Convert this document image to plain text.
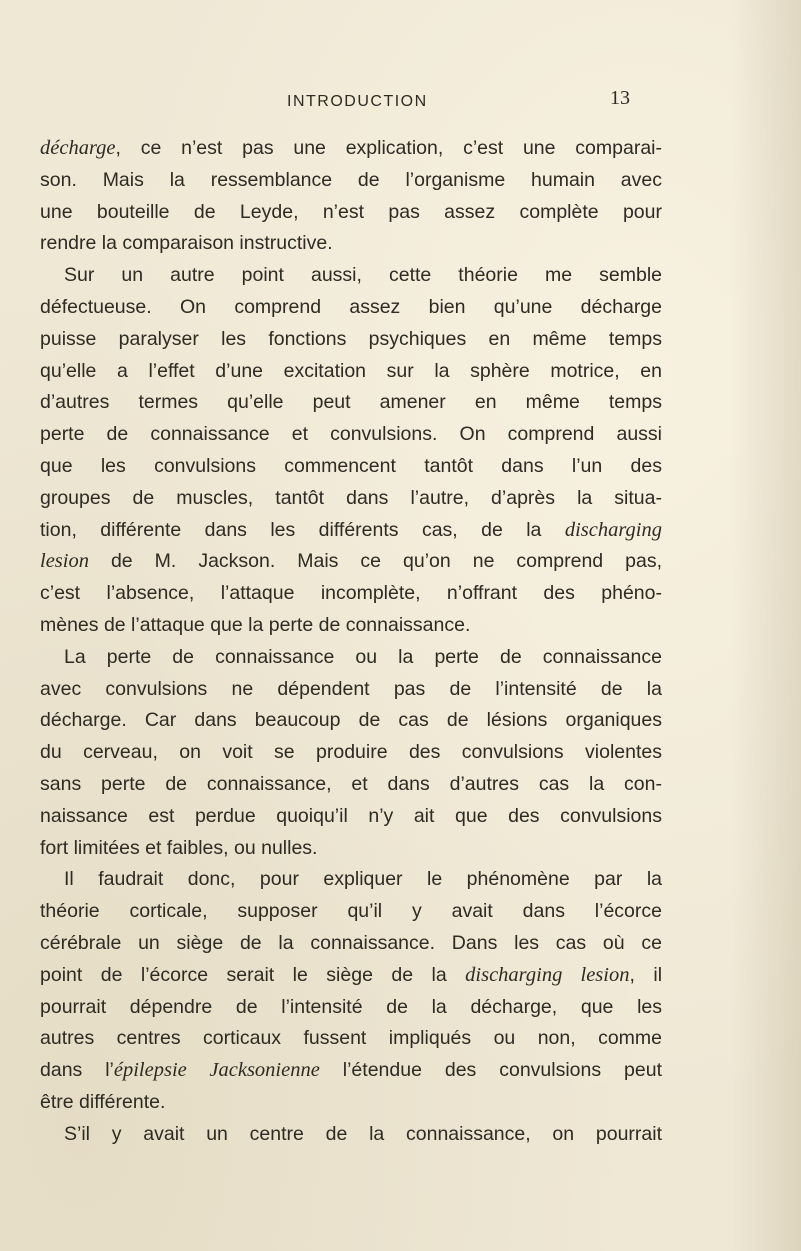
INTRODUCTION	13
décharge, ce n’est pas une explication, c’est une comparai-
son. Mais la ressemblance de l’organisme humain avec
une bouteille de Leyde, n’est pas assez complète pour
rendre la comparaison instructive.
Sur un autre point aussi, cette théorie me semble
défectueuse. On comprend assez bien qu’une décharge
puisse paralyser les fonctions psychiques en même temps
qu’elle a l’effet d’une excitation sur la sphère motrice, en
d’autres termes qu’elle peut amener en même temps
perte de connaissance et convulsions. On comprend aussi
que les convulsions commencent tantôt dans l’un des
groupes de muscles, tantôt dans l’autre, d’après la situa-
tion, différente dans les différents cas, de la discharging
lesion de M. Jackson. Mais ce qu’on ne comprend pas,
c’est l’absence, l’attaque incomplète, n’offrant des phéno-
mènes de l’attaque que la perte de connaissance.
La perte de connaissance ou la perte de connaissance
avec convulsions ne dépendent pas de l’intensité de la
décharge. Car dans beaucoup de cas de lésions organiques
du cerveau, on voit se produire des convulsions violentes
sans perte de connaissance, et dans d’autres cas la con-
naissance est perdue quoiqu’il n’y ait que des convulsions
fort limitées et faibles, ou nulles.
Il faudrait donc, pour expliquer le phénomène par la
théorie corticale, supposer qu’il y avait dans l’écorce
cérébrale un siège de la connaissance. Dans les cas où ce
point de l’écorce serait le siège de la discharging lesion, il
pourrait dépendre de l’intensité de la décharge, que les
autres centres corticaux fussent impliqués ou non, comme
dans l’épilepsie Jacksonienne l’étendue des convulsions peut
être différente.
S’il y avait un centre de la connaissance, on pourrait
